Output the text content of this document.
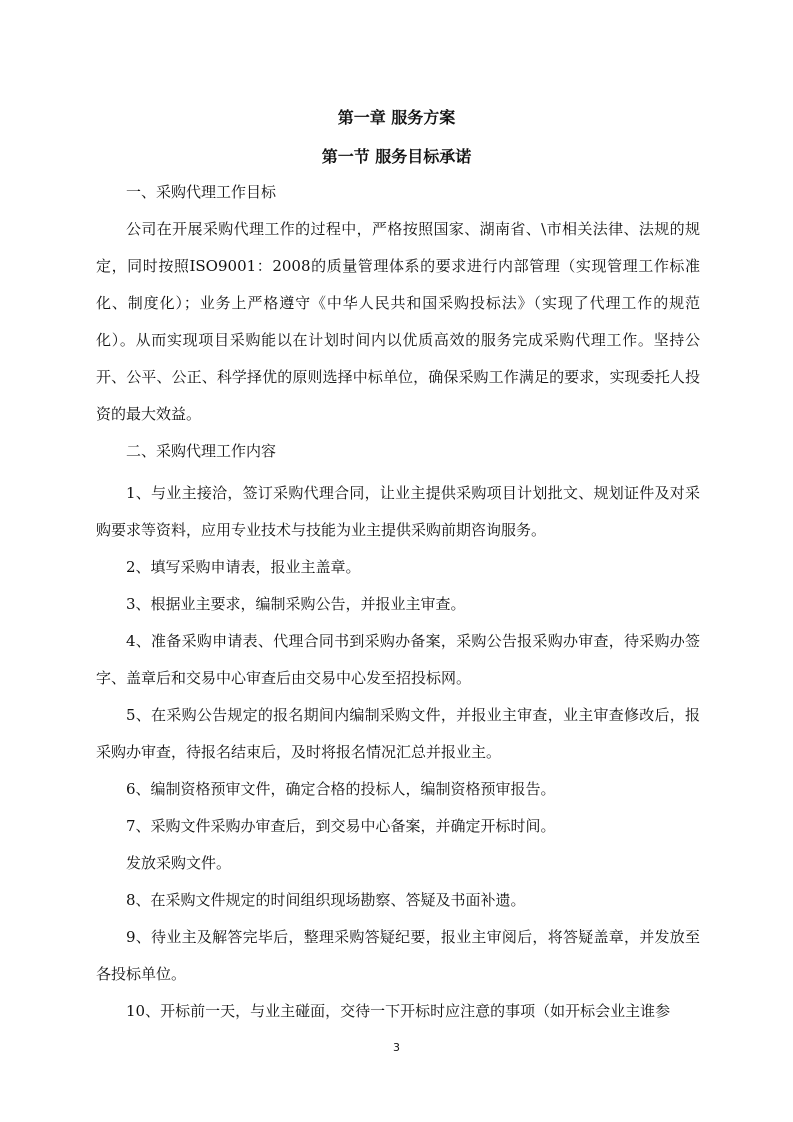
第一章 服务方案
第一节 服务目标承诺

一、采购代理工作目标

公司在开展采购代理工作的过程中，严格按照国家、湖南省、\市相关法律、法规的规定，同时按照ISO9001：2008的质量管理体系的要求进行内部管理（实现管理工作标准化、制度化）；业务上严格遵守《中华人民共和国采购投标法》（实现了代理工作的规范化）。从而实现项目采购能以在计划时间内以优质高效的服务完成采购代理工作。坚持公开、公平、公正、科学择优的原则选择中标单位，确保采购工作满足的要求，实现委托人投资的最大效益。

二、采购代理工作内容

1、与业主接洽，签订采购代理合同，让业主提供采购项目计划批文、规划证件及对采购要求等资料，应用专业技术与技能为业主提供采购前期咨询服务。

2、填写采购申请表，报业主盖章。

3、根据业主要求，编制采购公告，并报业主审查。

4、准备采购申请表、代理合同书到采购办备案，采购公告报采购办审查，待采购办签字、盖章后和交易中心审查后由交易中心发至招投标网。

5、在采购公告规定的报名期间内编制采购文件，并报业主审查，业主审查修改后，报采购办审查，待报名结束后，及时将报名情况汇总并报业主。

6、编制资格预审文件，确定合格的投标人，编制资格预审报告。

7、采购文件采购办审查后，到交易中心备案，并确定开标时间。

发放采购文件。

8、在采购文件规定的时间组织现场勘察、答疑及书面补遗。

9、待业主及解答完毕后，整理采购答疑纪要，报业主审阅后，将答疑盖章，并发放至各投标单位。

10、开标前一天，与业主碰面，交待一下开标时应注意的事项（如开标会业主谁参

3
